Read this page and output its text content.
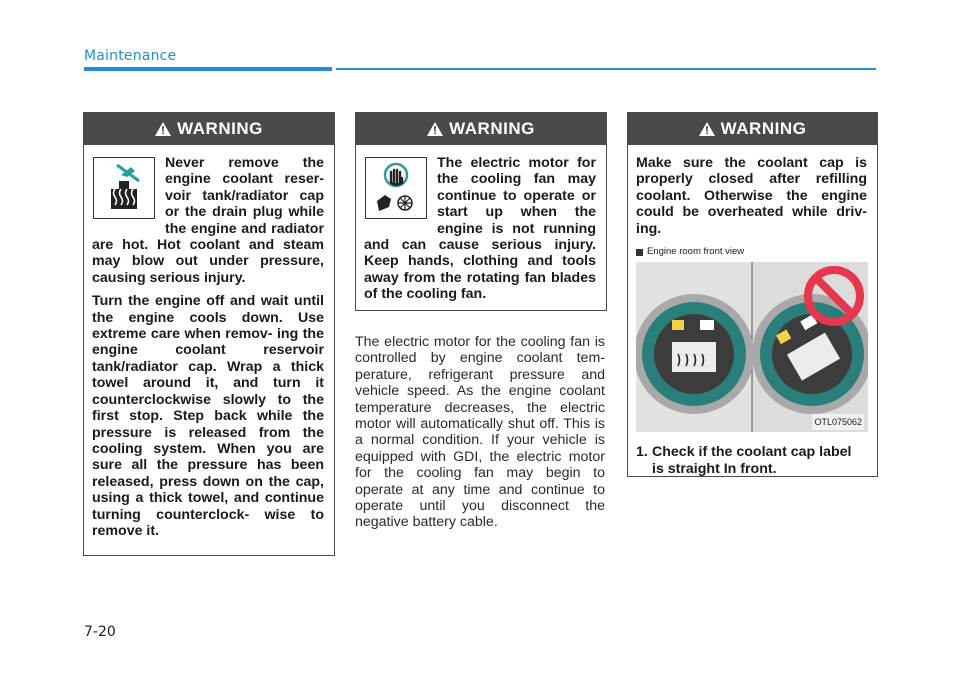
Maintenance
WARNING

Never remove the engine coolant reser- voir tank/radiator cap or the drain plug while the engine and radiator are hot. Hot coolant and steam may blow out under pressure, causing serious injury.

Turn the engine off and wait until the engine cools down. Use extreme care when remov- ing the engine coolant reservoir tank/radiator cap. Wrap a thick towel around it, and turn it counterclockwise slowly to the first stop. Step back while the pressure is released from the cooling system. When you are sure all the pressure has been released, press down on the cap, using a thick towel, and continue turning counterclock- wise to remove it.

WARNING

The electric motor for the cooling fan may continue to operate or start up when the engine is not running and can cause serious injury. Keep hands, clothing and tools away from the rotating fan blades of the cooling fan.

The electric motor for the cooling fan is controlled by engine coolant tem- perature, refrigerant pressure and vehicle speed. As the engine coolant temperature decreases, the electric motor will automatically shut off. This is a normal condition. If your vehicle is equipped with GDI, the electric motor for the cooling fan may begin to operate at any time and continue to operate until you disconnect the negative battery cable.
WARNING

Make sure the coolant cap is properly closed after refilling coolant. Otherwise the engine could be overheated while driv- ing.

Engine room front view
OTL075062
1. Check if the coolant cap label is straight In front.
7-20
